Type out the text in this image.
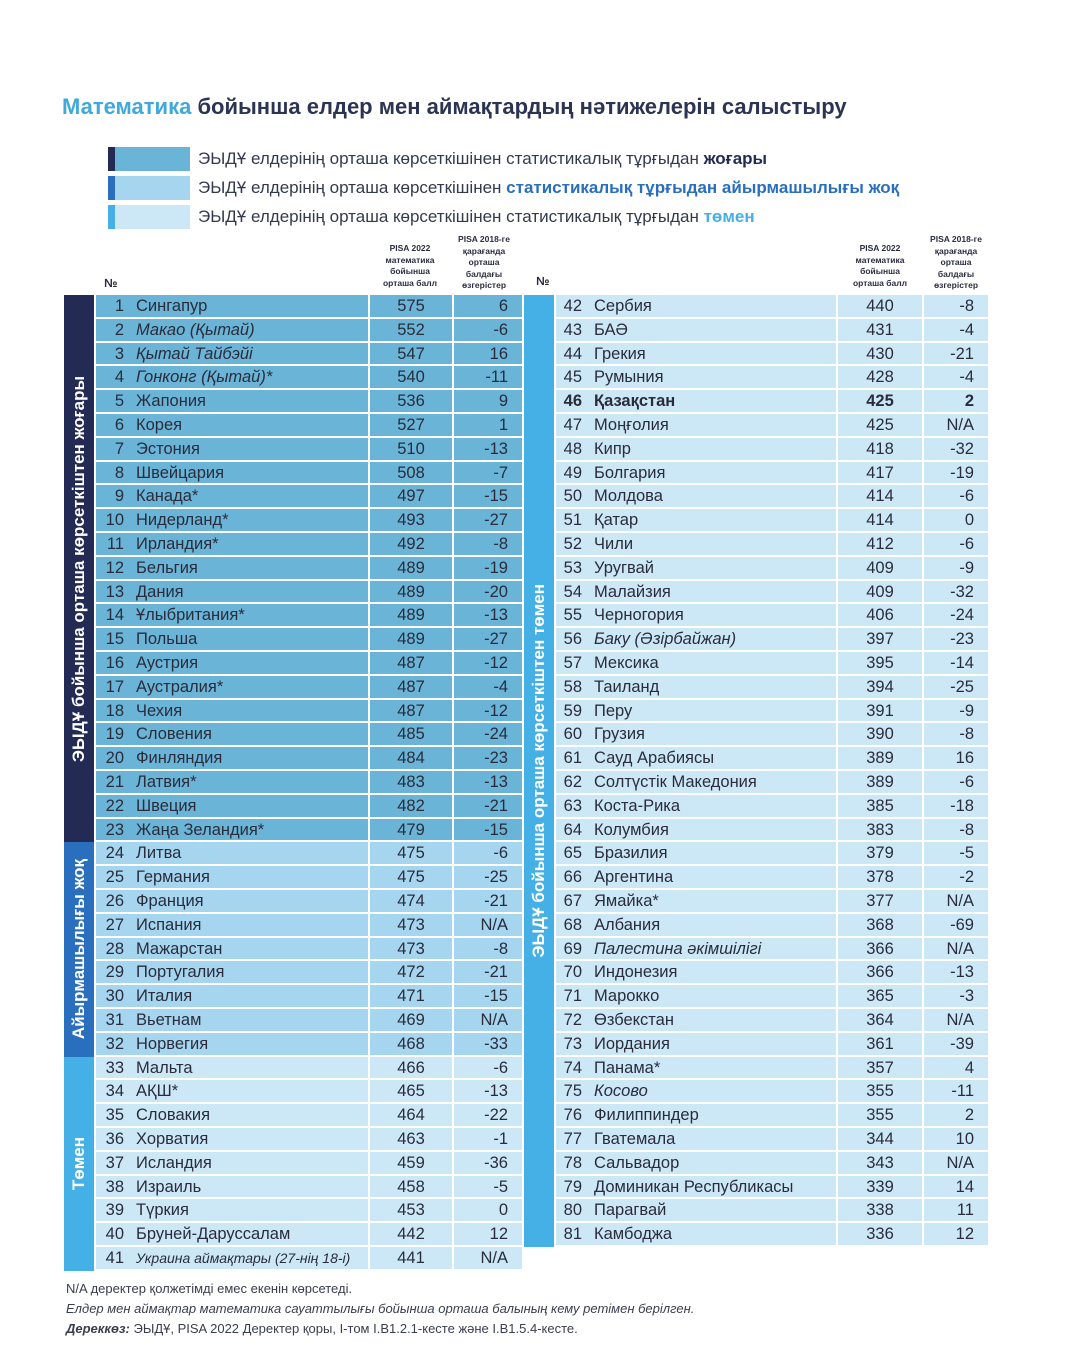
Математика бойынша елдер мен аймақтардың нәтижелерін салыстыру
ЭЫДҰ елдерінің орташа көрсеткішінен статистикалық тұрғыдан жоғары
ЭЫДҰ елдерінің орташа көрсеткішінен статистикалық тұрғыдан айырмашылығы жоқ
ЭЫДҰ елдерінің орташа көрсеткішінен статистикалық тұрғыдан төмен
№
PISA 2022
математика
бойынша
орташа балл
PISA 2018-ге
қарағанда
орташа
балдағы
өзгерістер	№
PISA 2022
математика
бойынша
орташа балл
PISA 2018-ге
қарағанда
орташа
балдағы
өзгерістер
ЭЫДҰ бойынша орташа көрсеткіштен жоғары
Айырмашылығы жоқ
Төмен
ЭЫДҰ бойынша орташа көрсеткіштен төмен
1 Сингапур	575	6
2 Макао (Қытай)	552	-6
3 Қытай Тайбэйі	547	16
4 Гонконг (Қытай)*	540	-11
5 Жапония	536	9
6 Корея	527	1
7 Эстония	510	-13
8 Швейцария	508	-7
9 Канада*	497	-15
10 Нидерланд*	493	-27
11 Ирландия*	492	-8
12 Бельгия	489	-19
13 Дания	489	-20
14 Ұлыбритания*	489	-13
15 Польша	489	-27
16 Аустрия	487	-12
17 Аустралия*	487	-4
18 Чехия	487	-12
19 Словения	485	-24
20 Финляндия	484	-23
21 Латвия*	483	-13
22 Швеция	482	-21
23 Жаңа Зеландия*	479	-15
24 Литва	475	-6
25 Германия	475	-25
26 Франция	474	-21
27 Испания	473	N/A
28 Мажарстан	473	-8
29 Португалия	472	-21
30 Италия	471	-15
31 Вьетнам	469	N/A
32 Норвегия	468	-33
33 Мальта	466	-6
34 АҚШ*	465	-13
35 Словакия	464	-22
36 Хорватия	463	-1
37 Исландия	459	-36
38 Израиль	458	-5
39 Түркия	453	0
40 Бруней-Даруссалам	442	12
41 Украина аймақтары (27-нің 18-і)	441	N/A
42 Сербия	440	-8
43 БАӘ	431	-4
44 Грекия	430	-21
45 Румыния	428	-4
46 Қазақстан	425	2
47 Моңғолия	425	N/A
48 Кипр	418	-32
49 Болгария	417	-19
50 Молдова	414	-6
51 Қатар	414	0
52 Чили	412	-6
53 Уругвай	409	-9
54 Малайзия	409	-32
55 Черногория	406	-24
56 Баку (Әзірбайжан)	397	-23
57 Мексика	395	-14
58 Таиланд	394	-25
59 Перу	391	-9
60 Грузия	390	-8
61 Сауд Арабиясы	389	16
62 Солтүстік Македония	389	-6
63 Коста-Рика	385	-18
64 Колумбия	383	-8
65 Бразилия	379	-5
66 Аргентина	378	-2
67 Ямайка*	377	N/A
68 Албания	368	-69
69 Палестина әкімшілігі	366	N/A
70 Индонезия	366	-13
71 Марокко	365	-3
72 Өзбекстан	364	N/A
73 Иордания	361	-39
74 Панама*	357	4
75 Косово	355	-11
76 Филиппиндер	355	2
77 Гватемала	344	10
78 Сальвадор	343	N/A
79 Доминикан Республикасы	339	14
80 Парагвай	338	11
81 Камбоджа	336	12
N/A деректер қолжетімді емес екенін көрсетеді.
Елдер мен аймақтар математика сауаттылығы бойынша орташа балының кему ретімен берілген.
Дереккөз: ЭЫДҰ, PISA 2022 Деректер қоры, I-том I.B1.2.1-кесте және I.B1.5.4-кесте.
